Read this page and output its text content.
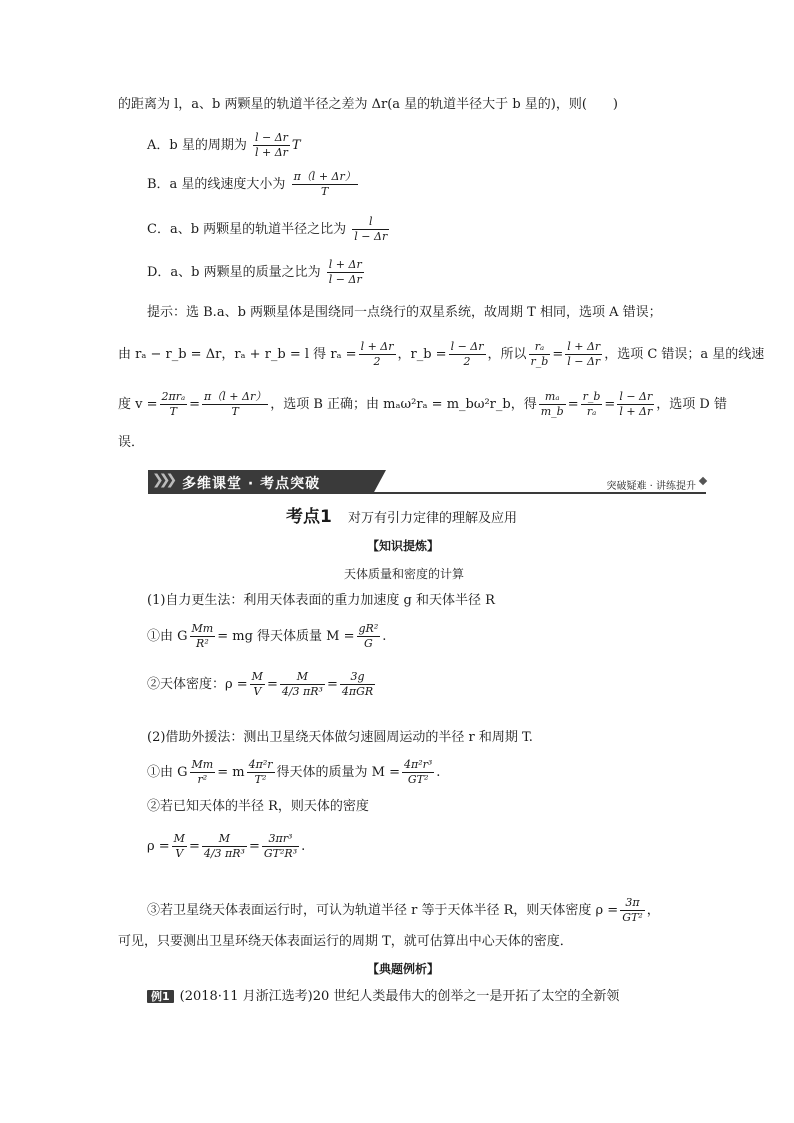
的距离为 l，a、b 两颗星的轨道半径之差为 Δr(a 星的轨道半径大于 b 星的)，则(　　)
A．b 星的周期为 $\frac{l - \Delta r}{l + \Delta r}$ T
B．a 星的线速度大小为 $\frac{\pi(l + \Delta r)}{T}$
C．a、b 两颗星的轨道半径之比为 $\frac{l}{l - \Delta r}$
D．a、b 两颗星的质量之比为 $\frac{l + \Delta r}{l - \Delta r}$
提示：选 B.a、b 两颗星体是围绕同一点绕行的双星系统，故周期 T 相同，选项 A 错误；
由 rₐ − r_b = Δr，rₐ + r_b = l 得 $r_a = \frac{l + \Delta r}{2}$ ，r_b = $\frac{l - \Delta r}{2}$ ，所以 $\frac{\text{rₐ}}{r\_b} = \frac{l + \Delta r}{l - \Delta r}$ ，选项 C 错误；a 星的线速
度 $v = \frac{\text{2πrₐ}}{T} = \frac{\pi(l + \Delta r)}{T}$ ，选项 B 正确；由 mₐω²rₐ = m_bω²r_b，得 $\frac{\text{mₐ}}{m\_b} = \frac{r\_b}{\text{rₐ}} = \frac{l - \Delta r}{l + \Delta r}$ ，选项 D 错
误．
❯❯❯ 多维课堂 · 考点突破	突破疑难 · 讲练提升
考点1 对万有引力定律的理解及应用
【知识提炼】
天体质量和密度的计算
(1)自力更生法：利用天体表面的重力加速度 g 和天体半径 R
①由 G $\frac{Mm}{\text{R²}}$ = mg 得天体质量 $M = \frac{\text{gR²}}{G}$ .
②天体密度：$\rho = \frac{M}{V} = \frac{M}{\text{4/3 πR³}} = \frac{3g}{\text{4πGR}}$
(2)借助外援法：测出卫星绕天体做匀速圆周运动的半径 r 和周期 T.
①由 G $\frac{Mm}{\text{r²}} = m \frac{\text{4π²r}}{\text{T²}}$ 得天体的质量为 $M = \frac{\text{4π²r³}}{\text{GT²}}$ .
②若已知天体的半径 R，则天体的密度
$\rho = \frac{M}{V} = \frac{M}{\text{4/3 πR³}} = \frac{\text{3πr³}}{\text{GT²R³}}$ .
③若卫星绕天体表面运行时，可认为轨道半径 r 等于天体半径 R，则天体密度 $\rho = \frac{3\pi}{\text{GT²}}$ ，
可见，只要测出卫星环绕天体表面运行的周期 T，就可估算出中心天体的密度．
【典题例析】
例1 (2018·11 月浙江选考)20 世纪人类最伟大的创举之一是开拓了太空的全新领
